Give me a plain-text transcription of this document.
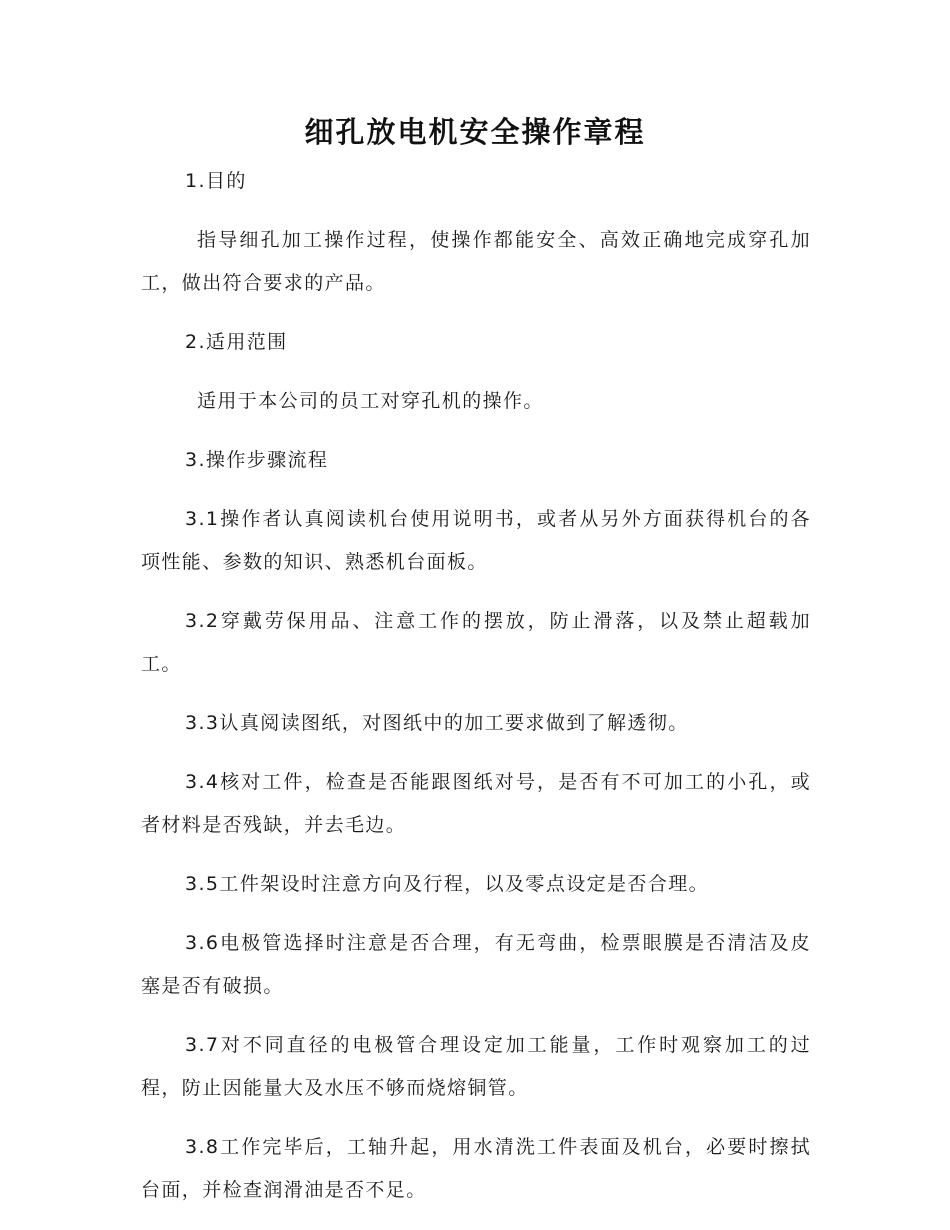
细孔放电机安全操作章程

1.目的

指导细孔加工操作过程，使操作都能安全、高效正确地完成穿孔加工，做出符合要求的产品。

2.适用范围

适用于本公司的员工对穿孔机的操作。

3.操作步骤流程

3.1操作者认真阅读机台使用说明书，或者从另外方面获得机台的各项性能、参数的知识、熟悉机台面板。

3.2穿戴劳保用品、注意工作的摆放，防止滑落，以及禁止超载加工。

3.3认真阅读图纸，对图纸中的加工要求做到了解透彻。

3.4核对工件，检查是否能跟图纸对号，是否有不可加工的小孔，或者材料是否残缺，并去毛边。

3.5工件架设时注意方向及行程，以及零点设定是否合理。

3.6电极管选择时注意是否合理，有无弯曲，检票眼膜是否清洁及皮塞是否有破损。

3.7对不同直径的电极管合理设定加工能量，工作时观察加工的过程，防止因能量大及水压不够而烧熔铜管。

3.8工作完毕后，工轴升起，用水清洗工件表面及机台，必要时擦拭台面，并检查润滑油是否不足。
